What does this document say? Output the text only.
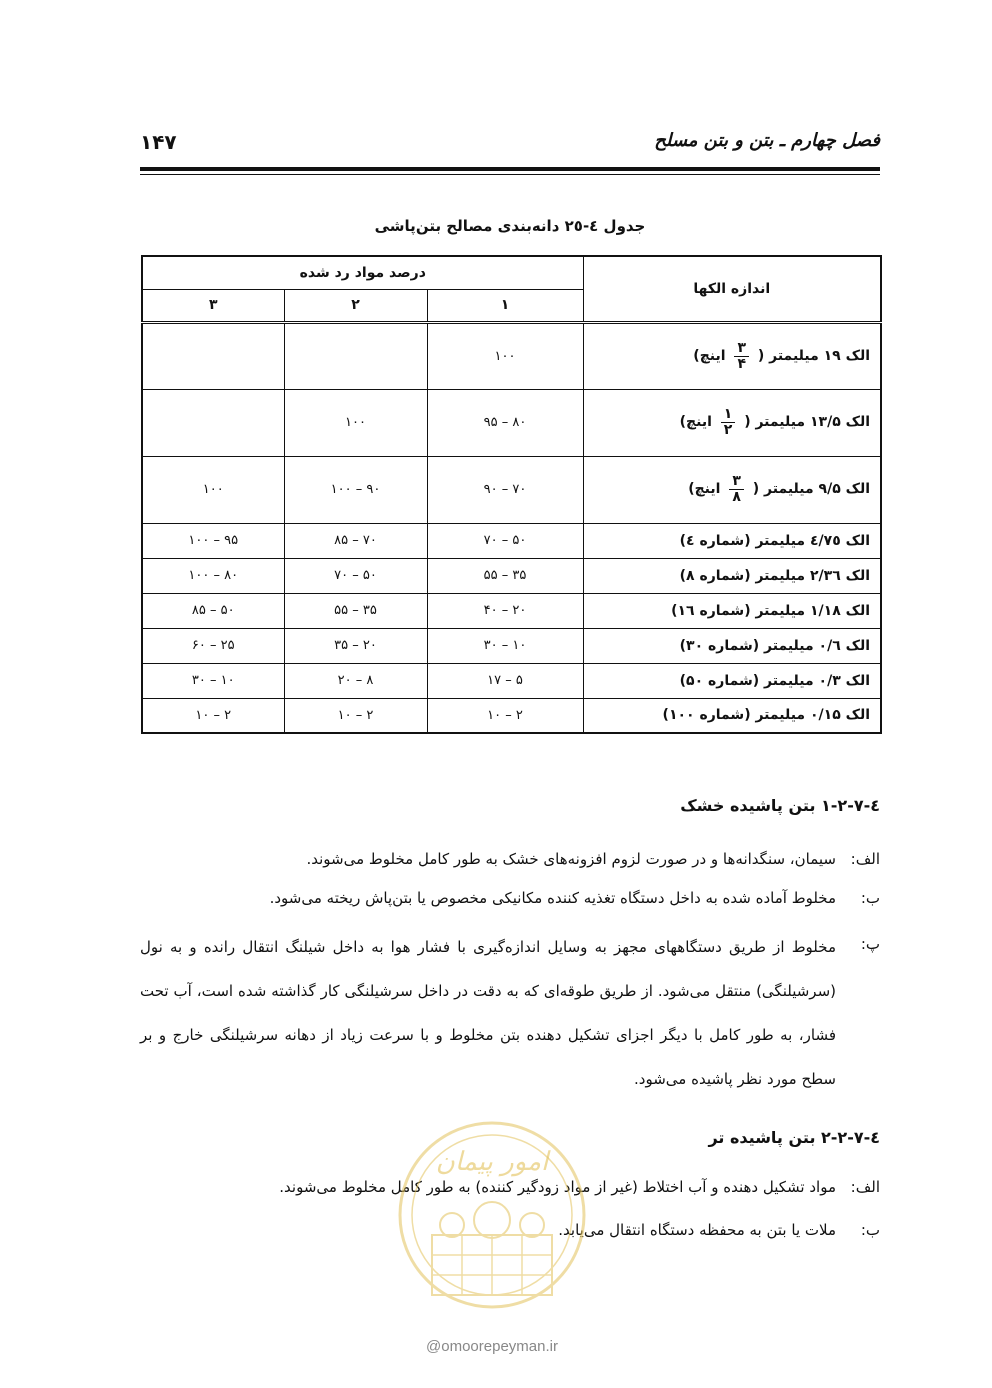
۱۴۷	فصل چهارم ـ بتن و بتن مسلح
جدول ٤-٢٥ دانه‌بندی مصالح بتن‌پاشی
اندازه الکها	درصد مواد رد شده		
	۱	۲	۳
الک ۱۹ میلیمتر (
$\frac{۳}{۴}$
اینچ)	۱۰۰		
الک ۱۳/۵ میلیمتر (
$\frac{۱}{۲}$
اینچ)	۸۰ – ۹۵	۱۰۰	
الک ۹/۵ میلیمتر (
$\frac{۳}{۸}$
اینچ)	۷۰ – ۹۰	۹۰ – ۱۰۰	۱۰۰
الک ٤/٧٥ میلیمتر (شماره ٤)	۵۰ – ۷۰	۷۰ – ۸۵	۹۵ – ۱۰۰
الک ٢/٣٦ میلیمتر (شماره ٨)	۳۵ – ۵۵	۵۰ – ۷۰	۸۰ – ۱۰۰
الک ١/١٨ میلیمتر (شماره ١٦)	۲۰ – ۴۰	۳۵ – ۵۵	۵۰ – ۸۵
الک ٠/٦ میلیمتر (شماره ۳۰)	۱۰ – ۳۰	۲۰ – ۳۵	۲۵ – ۶۰
الک ۰/۳ میلیمتر (شماره ۵۰)	۵ – ۱۷	۸ – ۲۰	۱۰ – ۳۰
الک ۰/۱۵ میلیمتر (شماره ۱۰۰)	۲ – ۱۰	۲ – ۱۰	۲ – ۱۰
٤-٧-٢-١ بتن پاشیده خشک
الف:
سیمان، سنگدانه‌ها و در صورت لزوم افزونه‌های خشک به طور کامل مخلوط می‌شوند.
ب:
مخلوط آماده شده به داخل دستگاه تغذیه کننده مکانیکی مخصوص یا بتن‌پاش ریخته می‌شود.
پ:
مخلوط از طریق دستگاههای مجهز به وسایل اندازه‌گیری با فشار هوا به داخل شیلنگ انتقال رانده و به نول (سرشیلنگی) منتقل می‌شود. از طریق طوقه‌ای که به دقت در داخل سرشیلنگی کار گذاشته شده است، آب تحت فشار، به طور کامل با دیگر اجزای تشکیل دهنده بتن مخلوط و با سرعت زیاد از دهانه سرشیلنگی خارج و بر سطح مورد نظر پاشیده می‌شود.
٤-٧-٢-٢ بتن پاشیده تر
الف:
مواد تشکیل دهنده و آب اختلاط (غیر از مواد زودگیر کننده) به طور کامل مخلوط می‌شوند.
ب:
ملات یا بتن به محفظه دستگاه انتقال می‌یابد.
امور پیمان
@omoorepeyman.ir
